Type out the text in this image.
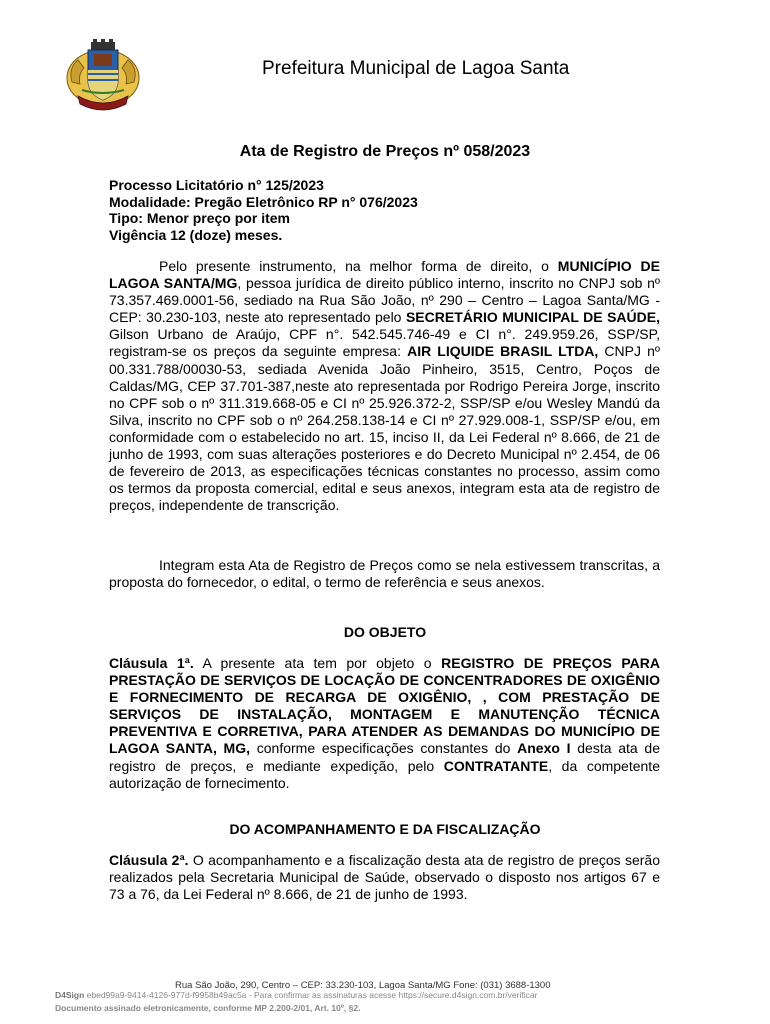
Prefeitura Municipal de Lagoa Santa
Ata de Registro de Preços nº 058/2023
Processo Licitatório n° 125/2023
Modalidade: Pregão Eletrônico RP n° 076/2023
Tipo: Menor preço por item
Vigência 12 (doze) meses.
Pelo presente instrumento, na melhor forma de direito, o MUNICÍPIO DE LAGOA SANTA/MG, pessoa jurídica de direito público interno, inscrito no CNPJ sob nº 73.357.469.0001-56, sediado na Rua São João, nº 290 – Centro – Lagoa Santa/MG - CEP: 30.230-103, neste ato representado pelo SECRETÁRIO MUNICIPAL DE SAÚDE, Gilson Urbano de Araújo, CPF n°. 542.545.746-49 e CI n°. 249.959.26, SSP/SP, registram-se os preços da seguinte empresa: AIR LIQUIDE BRASIL LTDA, CNPJ nº 00.331.788/00030-53, sediada Avenida João Pinheiro, 3515, Centro, Poços de Caldas/MG, CEP 37.701-387,neste ato representada por Rodrigo Pereira Jorge, inscrito no CPF sob o nº 311.319.668-05 e CI nº 25.926.372-2, SSP/SP e/ou Wesley Mandú da Silva, inscrito no CPF sob o nº 264.258.138-14 e CI nº 27.929.008-1, SSP/SP e/ou, em conformidade com o estabelecido no art. 15, inciso II, da Lei Federal nº 8.666, de 21 de junho de 1993, com suas alterações posteriores e do Decreto Municipal nº 2.454, de 06 de fevereiro de 2013, as especificações técnicas constantes no processo, assim como os termos da proposta comercial, edital e seus anexos, integram esta ata de registro de preços, independente de transcrição.
Integram esta Ata de Registro de Preços como se nela estivessem transcritas, a proposta do fornecedor, o edital, o termo de referência e seus anexos.
DO OBJETO
Cláusula 1ª. A presente ata tem por objeto o REGISTRO DE PREÇOS PARA PRESTAÇÃO DE SERVIÇOS DE LOCAÇÃO DE CONCENTRADORES DE OXIGÊNIO E FORNECIMENTO DE RECARGA DE OXIGÊNIO, , COM PRESTAÇÃO DE SERVIÇOS DE INSTALAÇÃO, MONTAGEM E MANUTENÇÃO TÉCNICA PREVENTIVA E CORRETIVA, PARA ATENDER AS DEMANDAS DO MUNICÍPIO DE LAGOA SANTA, MG, conforme especificações constantes do Anexo I desta ata de registro de preços, e mediante expedição, pelo CONTRATANTE, da competente autorização de fornecimento.
DO ACOMPANHAMENTO E DA FISCALIZAÇÃO
Cláusula 2ª. O acompanhamento e a fiscalização desta ata de registro de preços serão realizados pela Secretaria Municipal de Saúde, observado o disposto nos artigos 67 e 73 a 76, da Lei Federal nº 8.666, de 21 de junho de 1993.
Rua São João, 290, Centro – CEP: 33.230-103, Lagoa Santa/MG Fone: (031) 3688-1300
D4Sign ebed99a9-9414-4126-977d-f9958b49ac5a - Para confirmar as assinaturas acesse https://secure.d4sign.com.br/verificar
Documento assinado eletronicamente, conforme MP 2.200-2/01, Art. 10º, §2.
